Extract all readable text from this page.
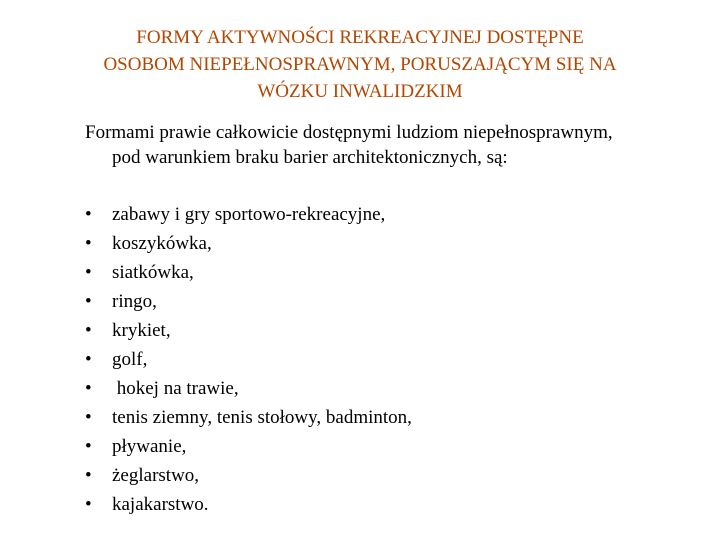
FORMY AKTYWNOŚCI REKREACYJNEJ DOSTĘPNE
OSOBOM NIEPEŁNOSPRAWNYM, PORUSZAJĄCYM SIĘ NA
WÓZKU INWALIDZKIM
Formami prawie całkowicie dostępnymi ludziom niepełnosprawnym,
pod warunkiem braku barier architektonicznych, są:
• zabawy i gry sportowo-rekreacyjne,
• koszykówka,
• siatkówka,
• ringo,
• krykiet,
• golf,
• hokej na trawie,
• tenis ziemny, tenis stołowy, badminton,
• pływanie,
• żeglarstwo,
• kajakarstwo.
